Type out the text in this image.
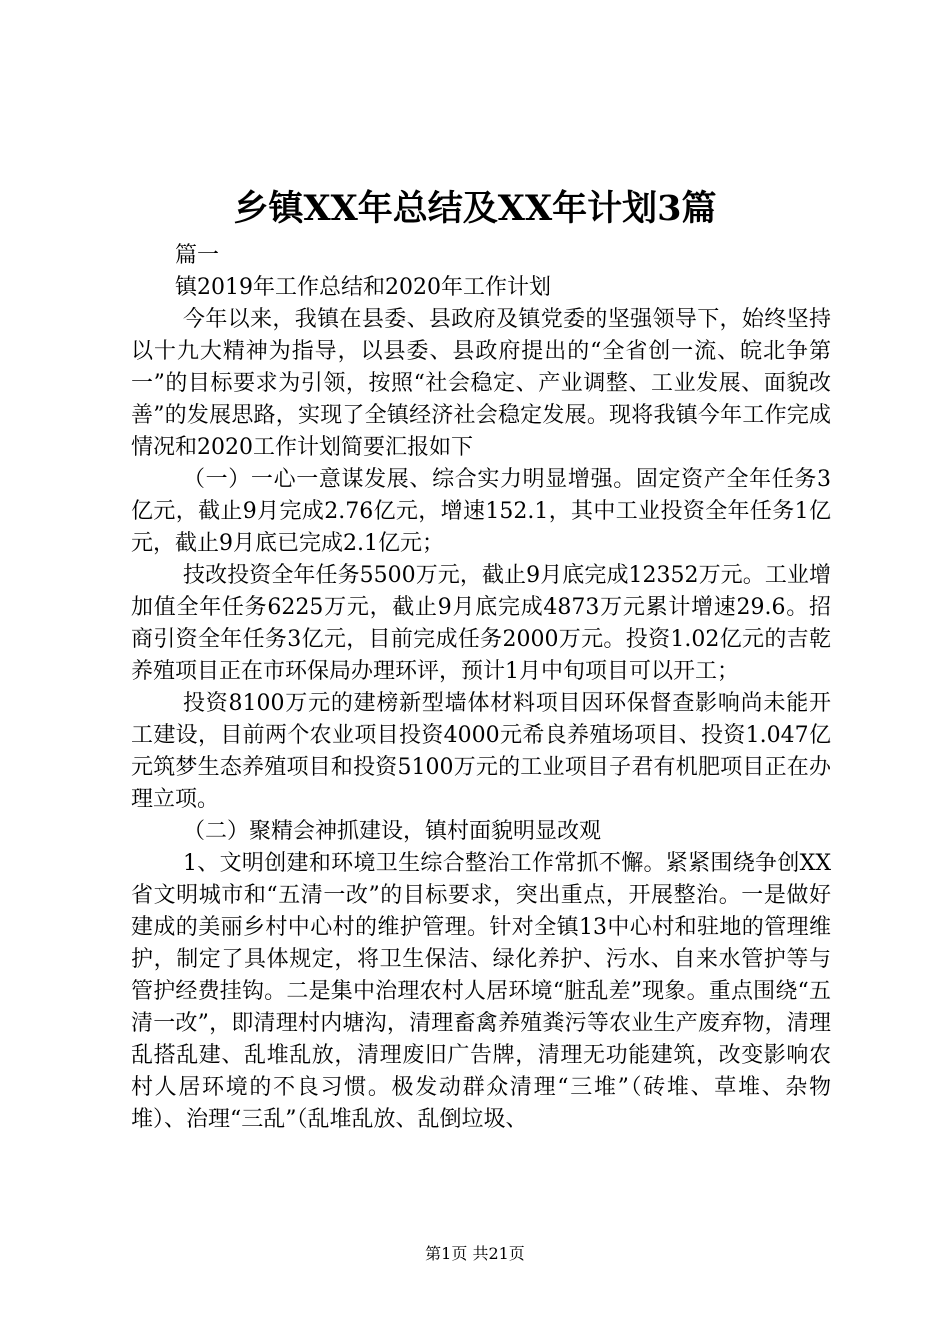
乡镇XX年总结及XX年计划3篇

篇一

镇2019年工作总结和2020年工作计划

今年以来，我镇在县委、县政府及镇党委的坚强领导下，始终坚持以十九大精神为指导，以县委、县政府提出的“全省创一流、皖北争第一”的目标要求为引领，按照“社会稳定、产业调整、工业发展、面貌改善”的发展思路，实现了全镇经济社会稳定发展。现将我镇今年工作完成情况和2020工作计划简要汇报如下

（一）一心一意谋发展、综合实力明显增强。固定资产全年任务3亿元，截止9月完成2.76亿元，增速152.1，其中工业投资全年任务1亿元，截止9月底已完成2.1亿元；

技改投资全年任务5500万元，截止9月底完成12352万元。工业增加值全年任务6225万元，截止9月底完成4873万元累计增速29.6。招商引资全年任务3亿元，目前完成任务2000万元。投资1.02亿元的吉乾养殖项目正在市环保局办理环评，预计1月中旬项目可以开工；

投资8100万元的建榜新型墙体材料项目因环保督查影响尚未能开工建设，目前两个农业项目投资4000元希良养殖场项目、投资1.047亿元筑梦生态养殖项目和投资5100万元的工业项目子君有机肥项目正在办理立项。

（二）聚精会神抓建设，镇村面貌明显改观

1、文明创建和环境卫生综合整治工作常抓不懈。紧紧围绕争创XX省文明城市和“五清一改”的目标要求，突出重点，开展整治。一是做好建成的美丽乡村中心村的维护管理。针对全镇13中心村和驻地的管理维护，制定了具体规定，将卫生保洁、绿化养护、污水、自来水管护等与管护经费挂钩。二是集中治理农村人居环境“脏乱差”现象。重点围绕“五清一改”，即清理村内塘沟，清理畜禽养殖粪污等农业生产废弃物，清理乱搭乱建、乱堆乱放，清理废旧广告牌，清理无功能建筑，改变影响农村人居环境的不良习惯。极发动群众清理“三堆”（砖堆、草堆、杂物堆）、治理“三乱”（乱堆乱放、乱倒垃圾、

第1页 共21页
